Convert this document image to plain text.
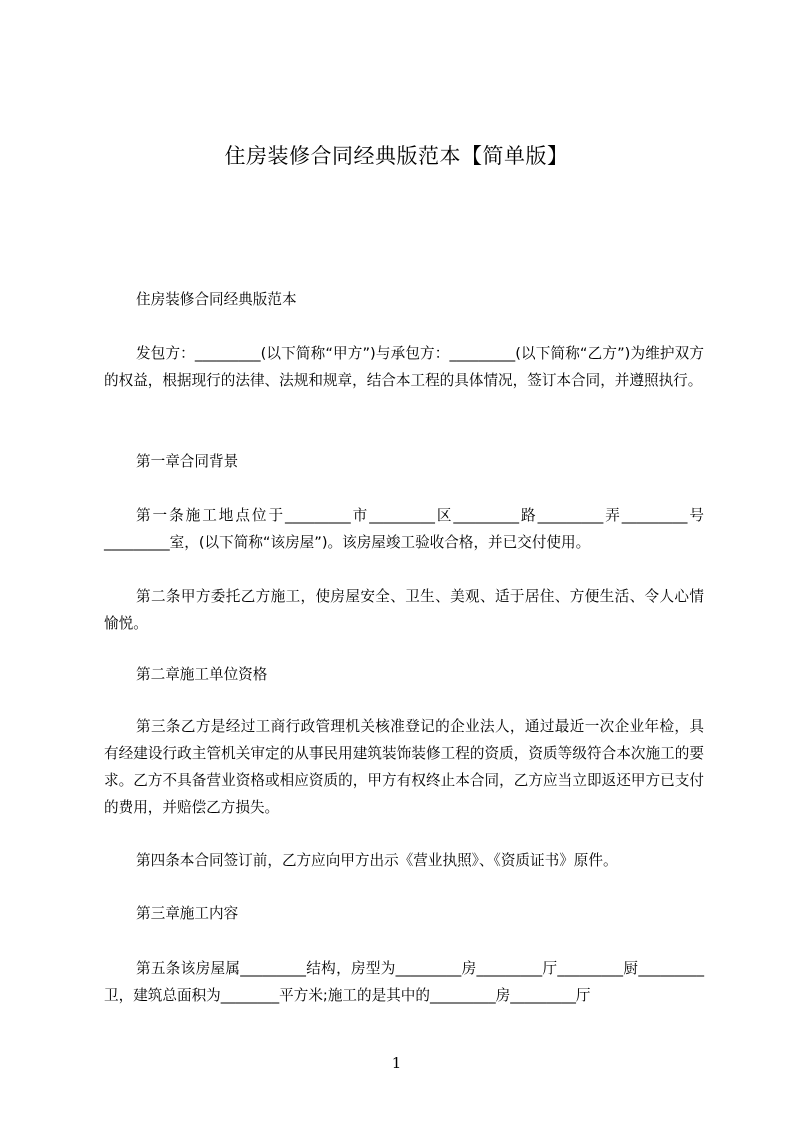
住房装修合同经典版范本【简单版】

住房装修合同经典版范本

发包方：_________(以下简称“甲方”)与承包方：_________(以下简称“乙方”)为维护双方的权益，根据现行的法律、法规和规章，结合本工程的具体情况，签订本合同，并遵照执行。

第一章合同背景

第一条施工地点位于_________市_________区_________路_________弄_________号_________室，(以下简称“该房屋”)。该房屋竣工验收合格，并已交付使用。

第二条甲方委托乙方施工，使房屋安全、卫生、美观、适于居住、方便生活、令人心情愉悦。

第二章施工单位资格

第三条乙方是经过工商行政管理机关核准登记的企业法人，通过最近一次企业年检，具有经建设行政主管机关审定的从事民用建筑装饰装修工程的资质，资质等级符合本次施工的要求。乙方不具备营业资格或相应资质的，甲方有权终止本合同，乙方应当立即返还甲方已支付的费用，并赔偿乙方损失。

第四条本合同签订前，乙方应向甲方出示《营业执照》、《资质证书》原件。

第三章施工内容

第五条该房屋属_________结构，房型为_________房_________厅_________厨_________卫，建筑总面积为________平方米;施工的是其中的_________房_________厅

1
